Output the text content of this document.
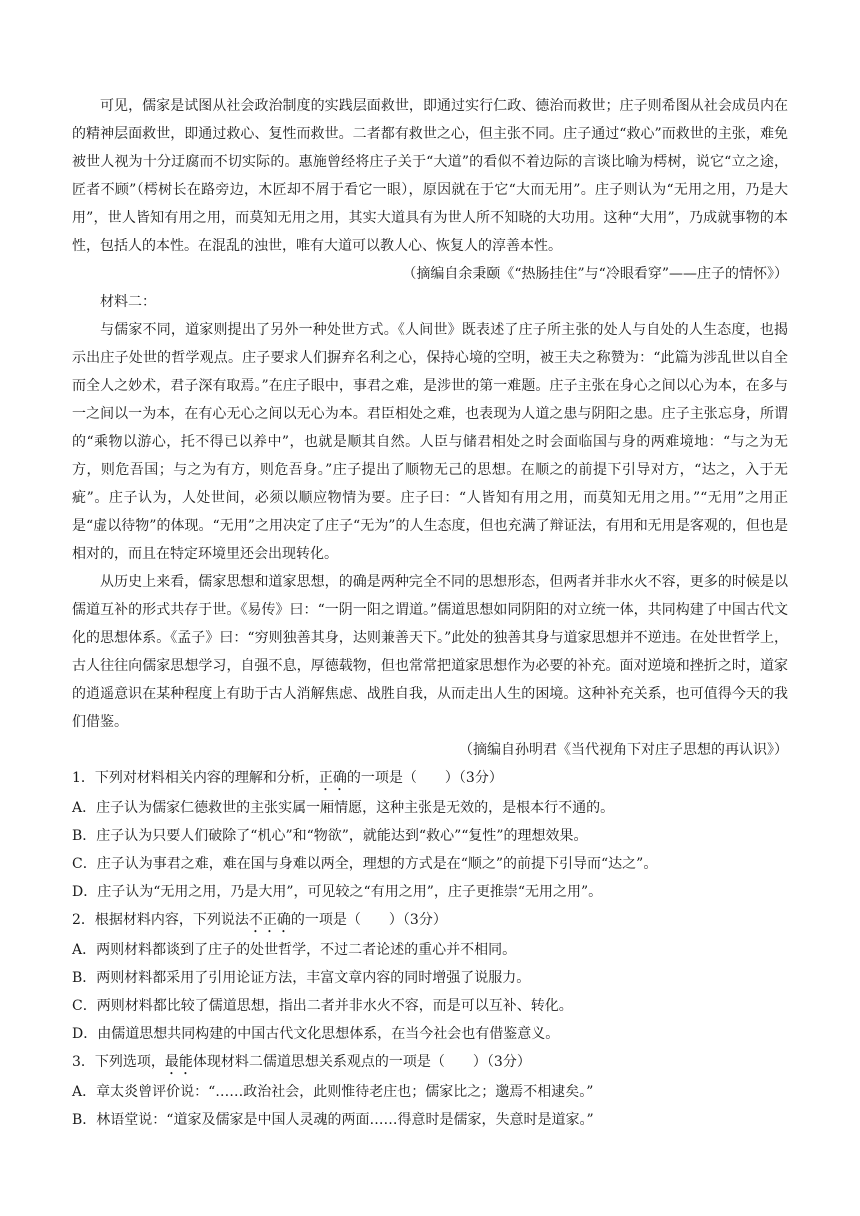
可见，儒家是试图从社会政治制度的实践层面救世，即通过实行仁政、德治而救世；庄子则希图从社会成员内在的精神层面救世，即通过救心、复性而救世。二者都有救世之心，但主张不同。庄子通过“救心”而救世的主张，难免被世人视为十分迂腐而不切实际的。惠施曾经将庄子关于“大道”的看似不着边际的言谈比喻为樗树，说它“立之途，匠者不顾”（樗树长在路旁边，木匠却不屑于看它一眼），原因就在于它“大而无用”。庄子则认为“无用之用，乃是大用”，世人皆知有用之用，而莫知无用之用，其实大道具有为世人所不知晓的大功用。这种“大用”，乃成就事物的本性，包括人的本性。在混乱的浊世，唯有大道可以教人心、恢复人的淳善本性。

（摘编自余秉颐《“热肠挂住”与“冷眼看穿”——庄子的情怀》）

材料二：

与儒家不同，道家则提出了另外一种处世方式。《人间世》既表述了庄子所主张的处人与自处的人生态度，也揭示出庄子处世的哲学观点。庄子要求人们摒弃名利之心，保持心境的空明，被王夫之称赞为：“此篇为涉乱世以自全而全人之妙术，君子深有取焉。”在庄子眼中，事君之难，是涉世的第一难题。庄子主张在身心之间以心为本，在多与一之间以一为本，在有心无心之间以无心为本。君臣相处之难，也表现为人道之患与阴阳之患。庄子主张忘身，所谓的“乘物以游心，托不得已以养中”，也就是顺其自然。人臣与储君相处之时会面临国与身的两难境地：“与之为无方，则危吾国；与之为有方，则危吾身。”庄子提出了顺物无己的思想。在顺之的前提下引导对方，“达之，入于无疵”。庄子认为，人处世间，必须以顺应物情为要。庄子曰：“人皆知有用之用，而莫知无用之用。”“无用”之用正是“虚以待物”的体现。“无用”之用决定了庄子“无为”的人生态度，但也充满了辩证法，有用和无用是客观的，但也是相对的，而且在特定环境里还会出现转化。

从历史上来看，儒家思想和道家思想，的确是两种完全不同的思想形态，但两者并非水火不容，更多的时候是以儒道互补的形式共存于世。《易传》曰：“一阴一阳之谓道。”儒道思想如同阴阳的对立统一体，共同构建了中国古代文化的思想体系。《孟子》曰：“穷则独善其身，达则兼善天下。”此处的独善其身与道家思想并不逆违。在处世哲学上，古人往往向儒家思想学习，自强不息，厚德载物，但也常常把道家思想作为必要的补充。面对逆境和挫折之时，道家的逍遥意识在某种程度上有助于古人消解焦虑、战胜自我，从而走出人生的困境。这种补充关系，也可值得今天的我们借鉴。

（摘编自孙明君《当代视角下对庄子思想的再认识》）

1．下列对材料相关内容的理解和分析，正确的一项是（　　）（3分）

A．庄子认为儒家仁德救世的主张实属一厢情愿，这种主张是无效的，是根本行不通的。

B．庄子认为只要人们破除了“机心”和“物欲”，就能达到“救心”“复性”的理想效果。

C．庄子认为事君之难，难在国与身难以两全，理想的方式是在“顺之”的前提下引导而“达之”。

D．庄子认为“无用之用，乃是大用”，可见较之“有用之用”，庄子更推崇“无用之用”。

2．根据材料内容，下列说法不正确的一项是（　　）（3分）

A．两则材料都谈到了庄子的处世哲学，不过二者论述的重心并不相同。

B．两则材料都采用了引用论证方法，丰富文章内容的同时增强了说服力。

C．两则材料都比较了儒道思想，指出二者并非水火不容，而是可以互补、转化。

D．由儒道思想共同构建的中国古代文化思想体系，在当今社会也有借鉴意义。

3．下列选项，最能体现材料二儒道思想关系观点的一项是（　　）（3分）

A．章太炎曾评价说：“……政治社会，此则惟待老庄也；儒家比之；邈焉不相逮矣。”

B．林语堂说：“道家及儒家是中国人灵魂的两面……得意时是儒家，失意时是道家。”
